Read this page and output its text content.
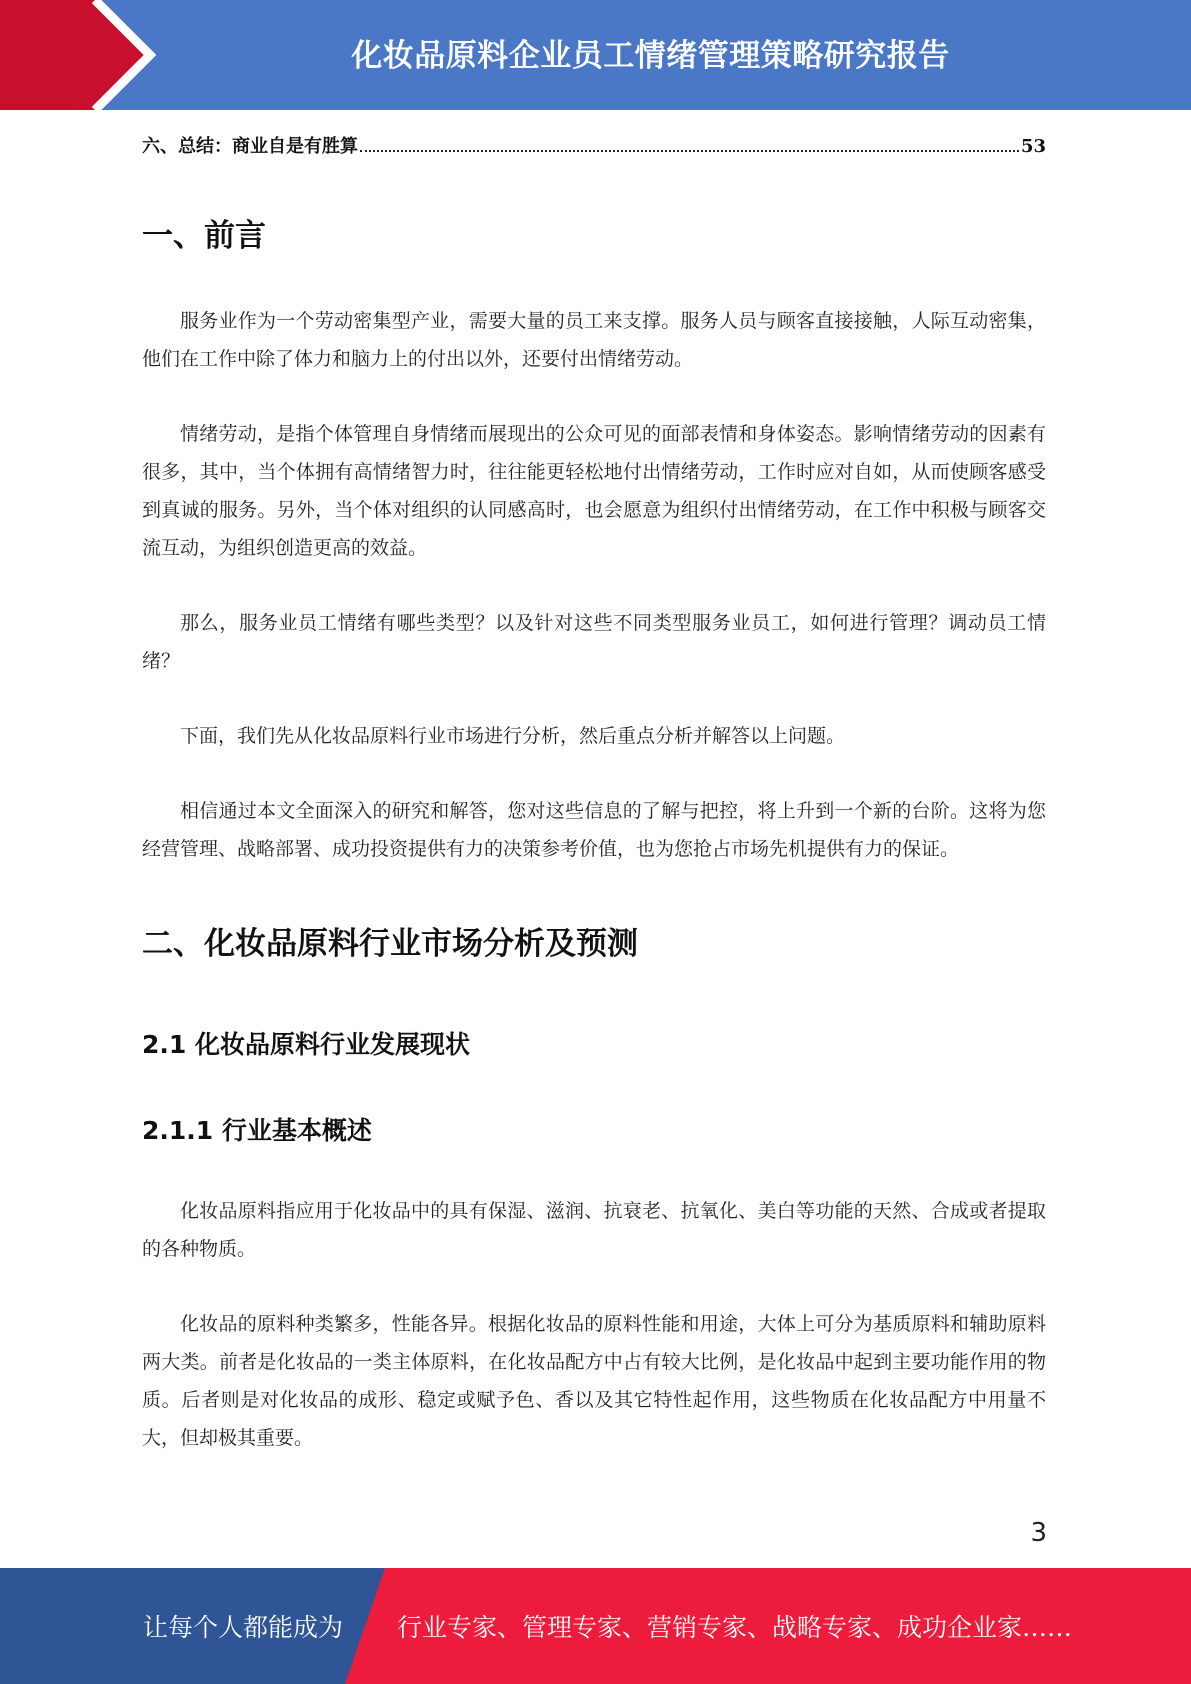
化妆品原料企业员工情绪管理策略研究报告
六、总结：商业自是有胜算	53
一、前言

服务业作为一个劳动密集型产业，需要大量的员工来支撑。服务人员与顾客直接接触，人际互动密集，他们在工作中除了体力和脑力上的付出以外，还要付出情绪劳动。

情绪劳动，是指个体管理自身情绪而展现出的公众可见的面部表情和身体姿态。影响情绪劳动的因素有很多，其中，当个体拥有高情绪智力时，往往能更轻松地付出情绪劳动，工作时应对自如，从而使顾客感受到真诚的服务。另外，当个体对组织的认同感高时，也会愿意为组织付出情绪劳动，在工作中积极与顾客交流互动，为组织创造更高的效益。

那么，服务业员工情绪有哪些类型？以及针对这些不同类型服务业员工，如何进行管理？调动员工情绪？

下面，我们先从化妆品原料行业市场进行分析，然后重点分析并解答以上问题。

相信通过本文全面深入的研究和解答，您对这些信息的了解与把控，将上升到一个新的台阶。这将为您经营管理、战略部署、成功投资提供有力的决策参考价值，也为您抢占市场先机提供有力的保证。

二、化妆品原料行业市场分析及预测
2.1 化妆品原料行业发展现状
2.1.1 行业基本概述

化妆品原料指应用于化妆品中的具有保湿、滋润、抗衰老、抗氧化、美白等功能的天然、合成或者提取的各种物质。

化妆品的原料种类繁多，性能各异。根据化妆品的原料性能和用途，大体上可分为基质原料和辅助原料两大类。前者是化妆品的一类主体原料，在化妆品配方中占有较大比例，是化妆品中起到主要功能作用的物质。后者则是对化妆品的成形、稳定或赋予色、香以及其它特性起作用，这些物质在化妆品配方中用量不大，但却极其重要。

3
让每个人都能成为 行业专家、管理专家、营销专家、战略专家、成功企业家……
